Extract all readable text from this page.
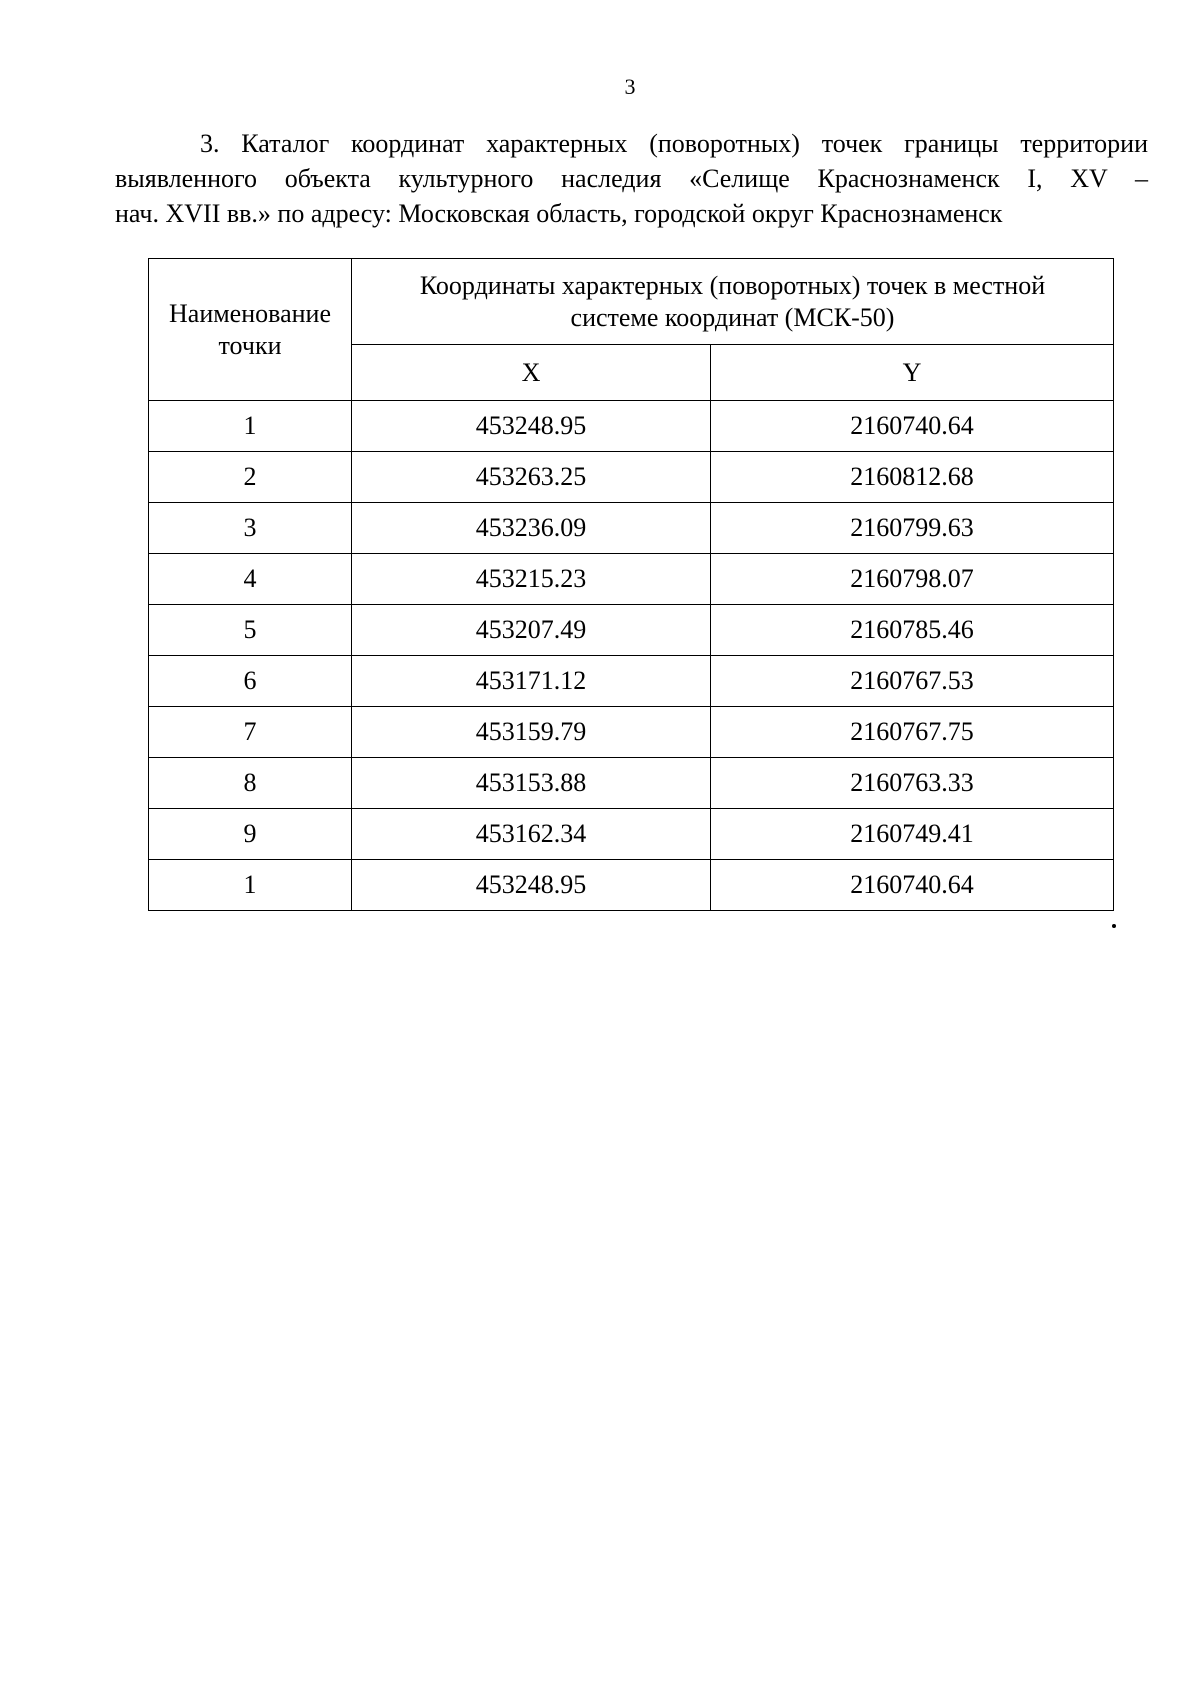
3

3. Каталог координат характерных (поворотных) точек границы территории
выявленного объекта культурного наследия «Селище Краснознаменск I, XV –
нач. XVII вв.» по адресу: Московская область, городской округ Краснознаменск

Наименование точки	Координаты характерных (поворотных) точек в местной системе координат (МСК-50)	
	X	Y
1	453248.95	2160740.64
2	453263.25	2160812.68
3	453236.09	2160799.63
4	453215.23	2160798.07
5	453207.49	2160785.46
6	453171.12	2160767.53
7	453159.79	2160767.75
8	453153.88	2160763.33
9	453162.34	2160749.41
1	453248.95	2160740.64
